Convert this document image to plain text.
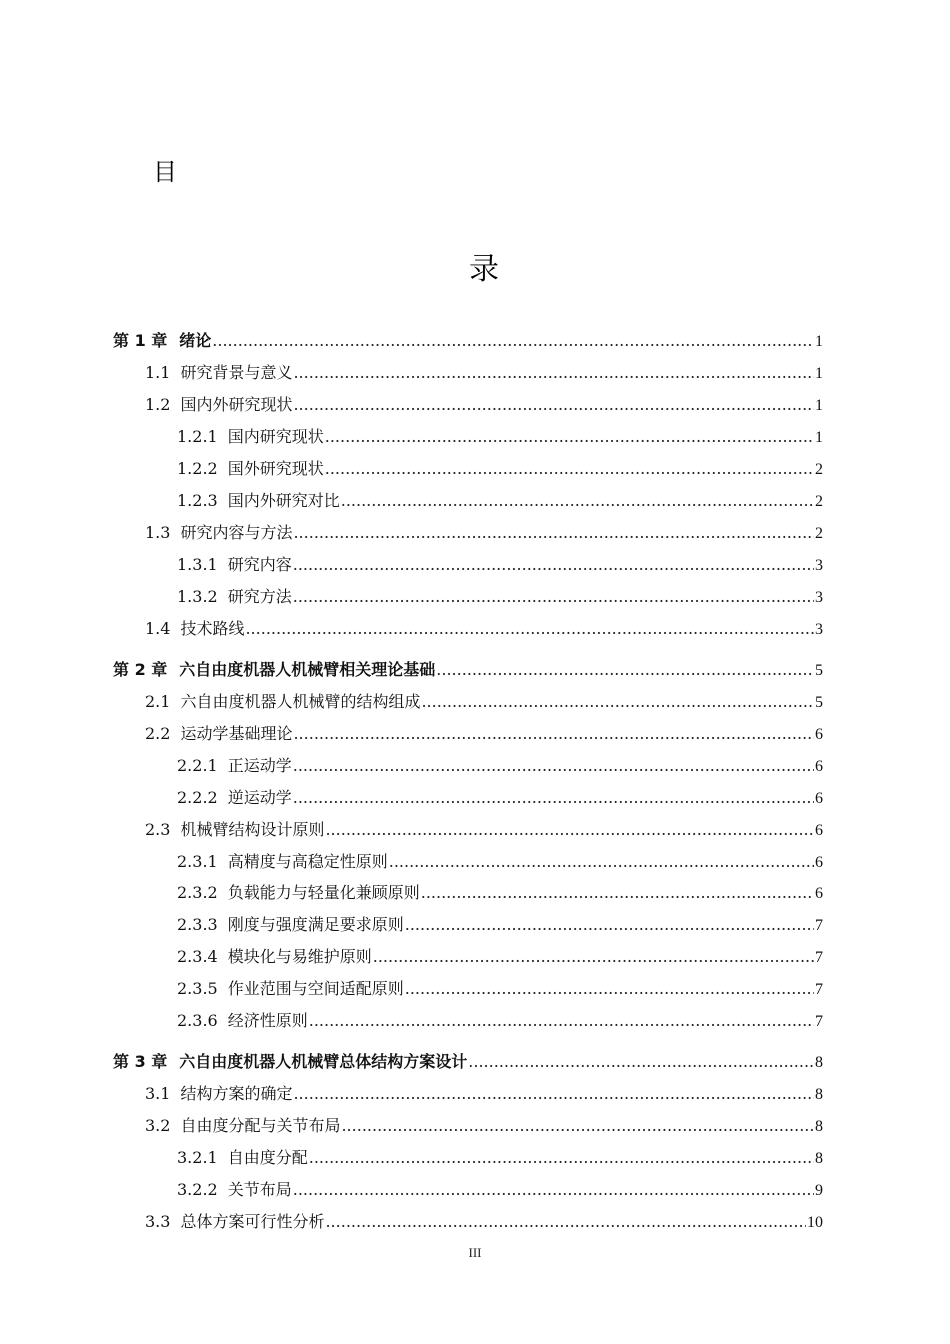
目
录
第 1 章 绪论 .....	1
1.1 研究背景与意义 .....	1
1.2 国内外研究现状 .....	1
1.2.1 国内研究现状 .....	1
1.2.2 国外研究现状 .....	2
1.2.3 国内外研究对比 .....	2
1.3 研究内容与方法 .....	2
1.3.1 研究内容 .....	3
1.3.2 研究方法 .....	3
1.4 技术路线 .....	3
第 2 章 六自由度机器人机械臂相关理论基础 .....	5
2.1 六自由度机器人机械臂的结构组成 .....	5
2.2 运动学基础理论 .....	6
2.2.1 正运动学 .....	6
2.2.2 逆运动学 .....	6
2.3 机械臂结构设计原则 .....	6
2.3.1 高精度与高稳定性原则 .....	6
2.3.2 负载能力与轻量化兼顾原则 .....	6
2.3.3 刚度与强度满足要求原则 .....	7
2.3.4 模块化与易维护原则 .....	7
2.3.5 作业范围与空间适配原则 .....	7
2.3.6 经济性原则 .....	7
第 3 章 六自由度机器人机械臂总体结构方案设计 .....	8
3.1 结构方案的确定 .....	8
3.2 自由度分配与关节布局 .....	8
3.2.1 自由度分配 .....	8
3.2.2 关节布局 .....	9
3.3 总体方案可行性分析 .....	10
III
